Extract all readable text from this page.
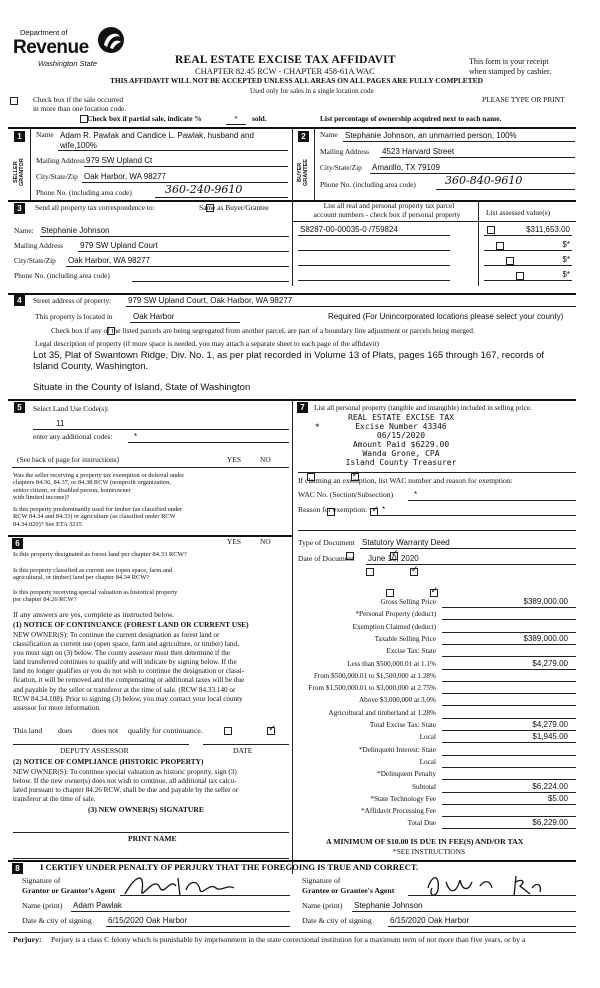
Department of
Revenue
Washington State	REAL ESTATE EXCISE TAX AFFIDAVIT
CHAPTER 82.45 RCW - CHAPTER 458-61A WAC
THIS AFFIDAVIT WILL NOT BE ACCEPTED UNLESS ALL AREAS ON ALL PAGES ARE FULLY COMPLETED
Used only for sales in a single location code
This form is your receipt
when stamped by cashier.

Check box if the sale occurred
in more than one location code.
PLEASE TYPE OR PRINT

Check box if partial sale, indicate %	*	sold.	List percentage of ownership acquired next to each name.
1
SELLER GRANTOR
Name Adam R. Pawlak and Candice L. Pawlak, husband and
wife,100%
Mailing Address 979 SW Upland Ct
City/State/Zip Oak Harbor, WA 98277
Phone No. (including area code)	360-240-9610
2
BUYER GRANTEE
Name Stephanie Johnson, an unmarried person, 100%
Mailing Address 4523 Harvard Street
City/State/Zip Amarillo, TX 79109
Phone No. (including area code)	360-840-9610
3	Send all property tax correspondence to:
	Same as Buyer/Grantee
Name: Stephanie Johnson
Mailing Address 979 SW Upland Court
City/State/Zip Oak Harbor, WA 98277
Phone No. (including area code)
List all real and personal property tax parcel
account numbers - check box if personal property	List assessed value(s)
S8287-00-00035-0 /759824
	$311,653.00

$*

$*

$*
4	Street address of property: 979 SW Upland Court, Oak Harbor, WA 98277
This property is located in	Oak Harbor	Required (For Unincorporated locations please select your county)

Check box if any of the listed parcels are being segregated from another parcel, are part of a boundary line adjustment or parcels being merged.
Legal description of property (if more space is needed, you may attach a separate sheet to each page of the affidavit)
Lot 35, Plat of Swantown Ridge, Div. No. 1, as per plat recorded in Volume 13 of Plats, pages 165 through 167, records of
Island County, Washington.
Situate in the County of Island, State of Washington
5	Select Land Use Code(s):
11
enter any additional codes:	*
(See back of page for instructions)	YES	NO
Was the seller receiving a property tax exemption or deferral under
chapters 84.36, 84.37, or 84.38 RCW (nonprofit organization,
senior citizen, or disabled person, homeowner
with limited income)?
✓
Is this property predominantly used for timber (as classified under
RCW 84.34 and 84.33) or agriculture (as classified under RCW
84.34.020)? See ETA 3215
✓
6	YES	NO
Is this property designated as forest land per chapter 84.33 RCW?
✓
Is this property classified as current use (open space, farm and
agricultural, or timber) land per chapter 84.34 RCW?
✓
Is this property receiving special valuation as historical property
per chapter 84.26 RCW?
✓
If any answers are yes, complete as instructed below.
(1) NOTICE OF CONTINUANCE (FOREST LAND OR CURRENT USE)
NEW OWNER(S): To continue the current designation as forest land or
classification as current use (open space, farm and agriculture, or timber) land,
you must sign on (3) below. The county assessor must then determine if the
land transferred continues to qualify and will indicate by signing below. If the
land no longer qualifies or you do not wish to continue the designation or classi-
fication, it will be removed and the compensating or additional taxes will be due
and payable by the seller or transferor at the time of sale. (RCW 84.33.140 or
RCW 84.34.108). Prior to signing (3) below, you may contact your local county
assessor for more information.
This land
does
✓	does not qualify for continuance.
DEPUTY ASSESSOR	DATE
(2) NOTICE OF COMPLIANCE (HISTORIC PROPERTY)
NEW OWNER(S): To continue special valuation as historic property, sign (3)
below. If the new owner(s) does not wish to continue, all additional tax calcu-
lated pursuant to chapter 84.26 RCW, shall be due and payable by the seller or
transferor at the time of sale.
(3) NEW OWNER(S) SIGNATURE
PRINT NAME
7	List all personal property (tangible and intangible) included in selling price.
*
REAL ESTATE EXCISE TAX
Excise Number 43346
06/15/2020
Amount Paid $6229.00
Wanda Grone, CPA
Island County Treasurer
If claiming an exemption, list WAC number and reason for exemption:
WAC No. (Section/Subsection)	*
Reason for exemption: *
Type of Document Statutory Warranty Deed
Date of Document June 10, 2020
Gross Selling Price	$389,000.00
*Personal Property (deduct)
Exemption Claimed (deduct)
Taxable Selling Price	$389,000.00
Excise Tax: State
Less than $500,000.01 at 1.1%	$4,279.00
From $500,000.01 to $1,500,000 at 1.28%
From $1,500,000.01 to $3,000,000 at 2.75%
Above $3,000,000 at 3.0%
Agricultural and timberland at 1.28%
Total Excise Tax: State	$4,279.00
Local	$1,945.00
*Delinquent Interest: State
Local
*Delinquent Penalty
Subtotal	$6,224.00
*State Technology Fee	$5.00
*Affidavit Processing Fee
Total Due	$6,229.00
A MINIMUM OF $10.00 IS DUE IN FEE(S) AND/OR TAX
*SEE INSTRUCTIONS
8	I CERTIFY UNDER PENALTY OF PERJURY THAT THE FOREGOING IS TRUE AND CORRECT.
Signature of
Grantor or Grantor's Agent
Name (print) Adam Pawlak
Date & city of signing 6/15/2020 Oak Harbor
Signature of
Grantee or Grantee's Agent
Name (print) Stephanie Johnson
Date & city of signing 6/15/2020 Oak Harbor
Perjury: Perjury is a class C felony which is punishable by imprisonment in the state correctional institution for a maximum term of not more than five years, or by a
